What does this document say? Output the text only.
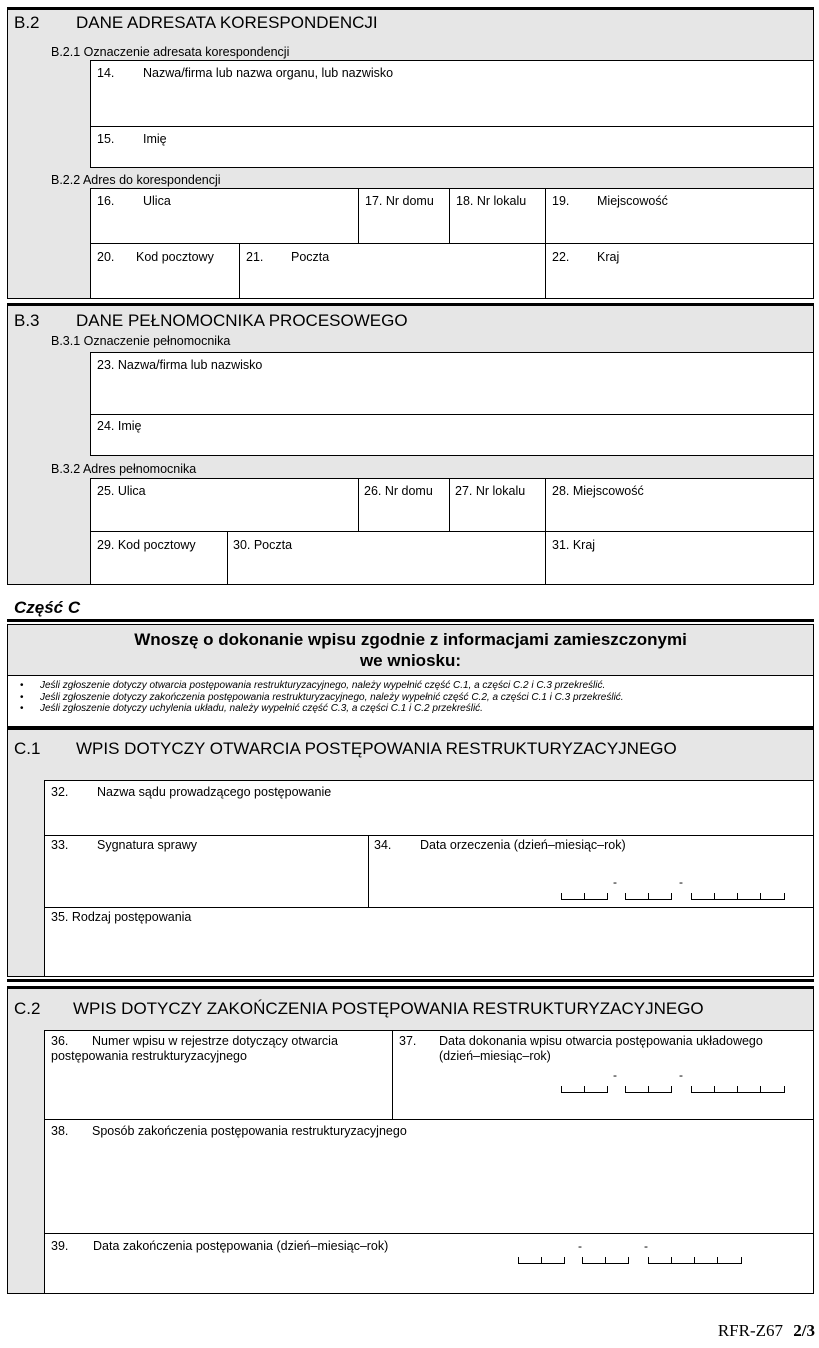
B.2 DANE ADRESATA KORESPONDENCJI
B.2.1 Oznaczenie adresata korespondencji
14. Nazwa/firma lub nazwa organu, lub nazwisko
15. Imię
B.2.2 Adres do korespondencji
16. Ulica	17. Nr domu 18. Nr lokalu 19. Miejscowość
20. Kod pocztowy	21. Poczta	22. Kraj
B.3 DANE PEŁNOMOCNIKA PROCESOWEGO
B.3.1 Oznaczenie pełnomocnika
23. Nazwa/firma lub nazwisko
24. Imię
B.3.2 Adres pełnomocnika
25. Ulica	26. Nr domu 27. Nr lokalu 28. Miejscowość
29. Kod pocztowy	30. Poczta	31. Kraj
Część C
Wnoszę o dokonanie wpisu zgodnie z informacjami zamieszczonymi
we wniosku:
• Jeśli zgłoszenie dotyczy otwarcia postępowania restrukturyzacyjnego, należy wypełnić część C.1, a części C.2 i C.3 przekreślić.
• Jeśli zgłoszenie dotyczy zakończenia postępowania restrukturyzacyjnego, należy wypełnić część C.2, a części C.1 i C.3 przekreślić.
• Jeśli zgłoszenie dotyczy uchylenia układu, należy wypełnić część C.3, a części C.1 i C.2 przekreślić.
C.1 WPIS DOTYCZY OTWARCIA POSTĘPOWANIA RESTRUKTURYZACYJNEGO
32. Nazwa sądu prowadzącego postępowanie
33. Sygnatura sprawy	34. Data orzeczenia (dzień–miesiąc–rok)
-	-
35. Rodzaj postępowania
C.2 WPIS DOTYCZY ZAKOŃCZENIA POSTĘPOWANIA RESTRUKTURYZACYJNEGO
36. Numer wpisu w rejestrze dotyczący otwarcia
postępowania restrukturyzacyjnego
37. Data dokonania wpisu otwarcia postępowania układowego
(dzień–miesiąc–rok)
-	-
38. Sposób zakończenia postępowania restrukturyzacyjnego
39. Data zakończenia postępowania (dzień–miesiąc–rok)	-	-
RFR-Z67 2/3
